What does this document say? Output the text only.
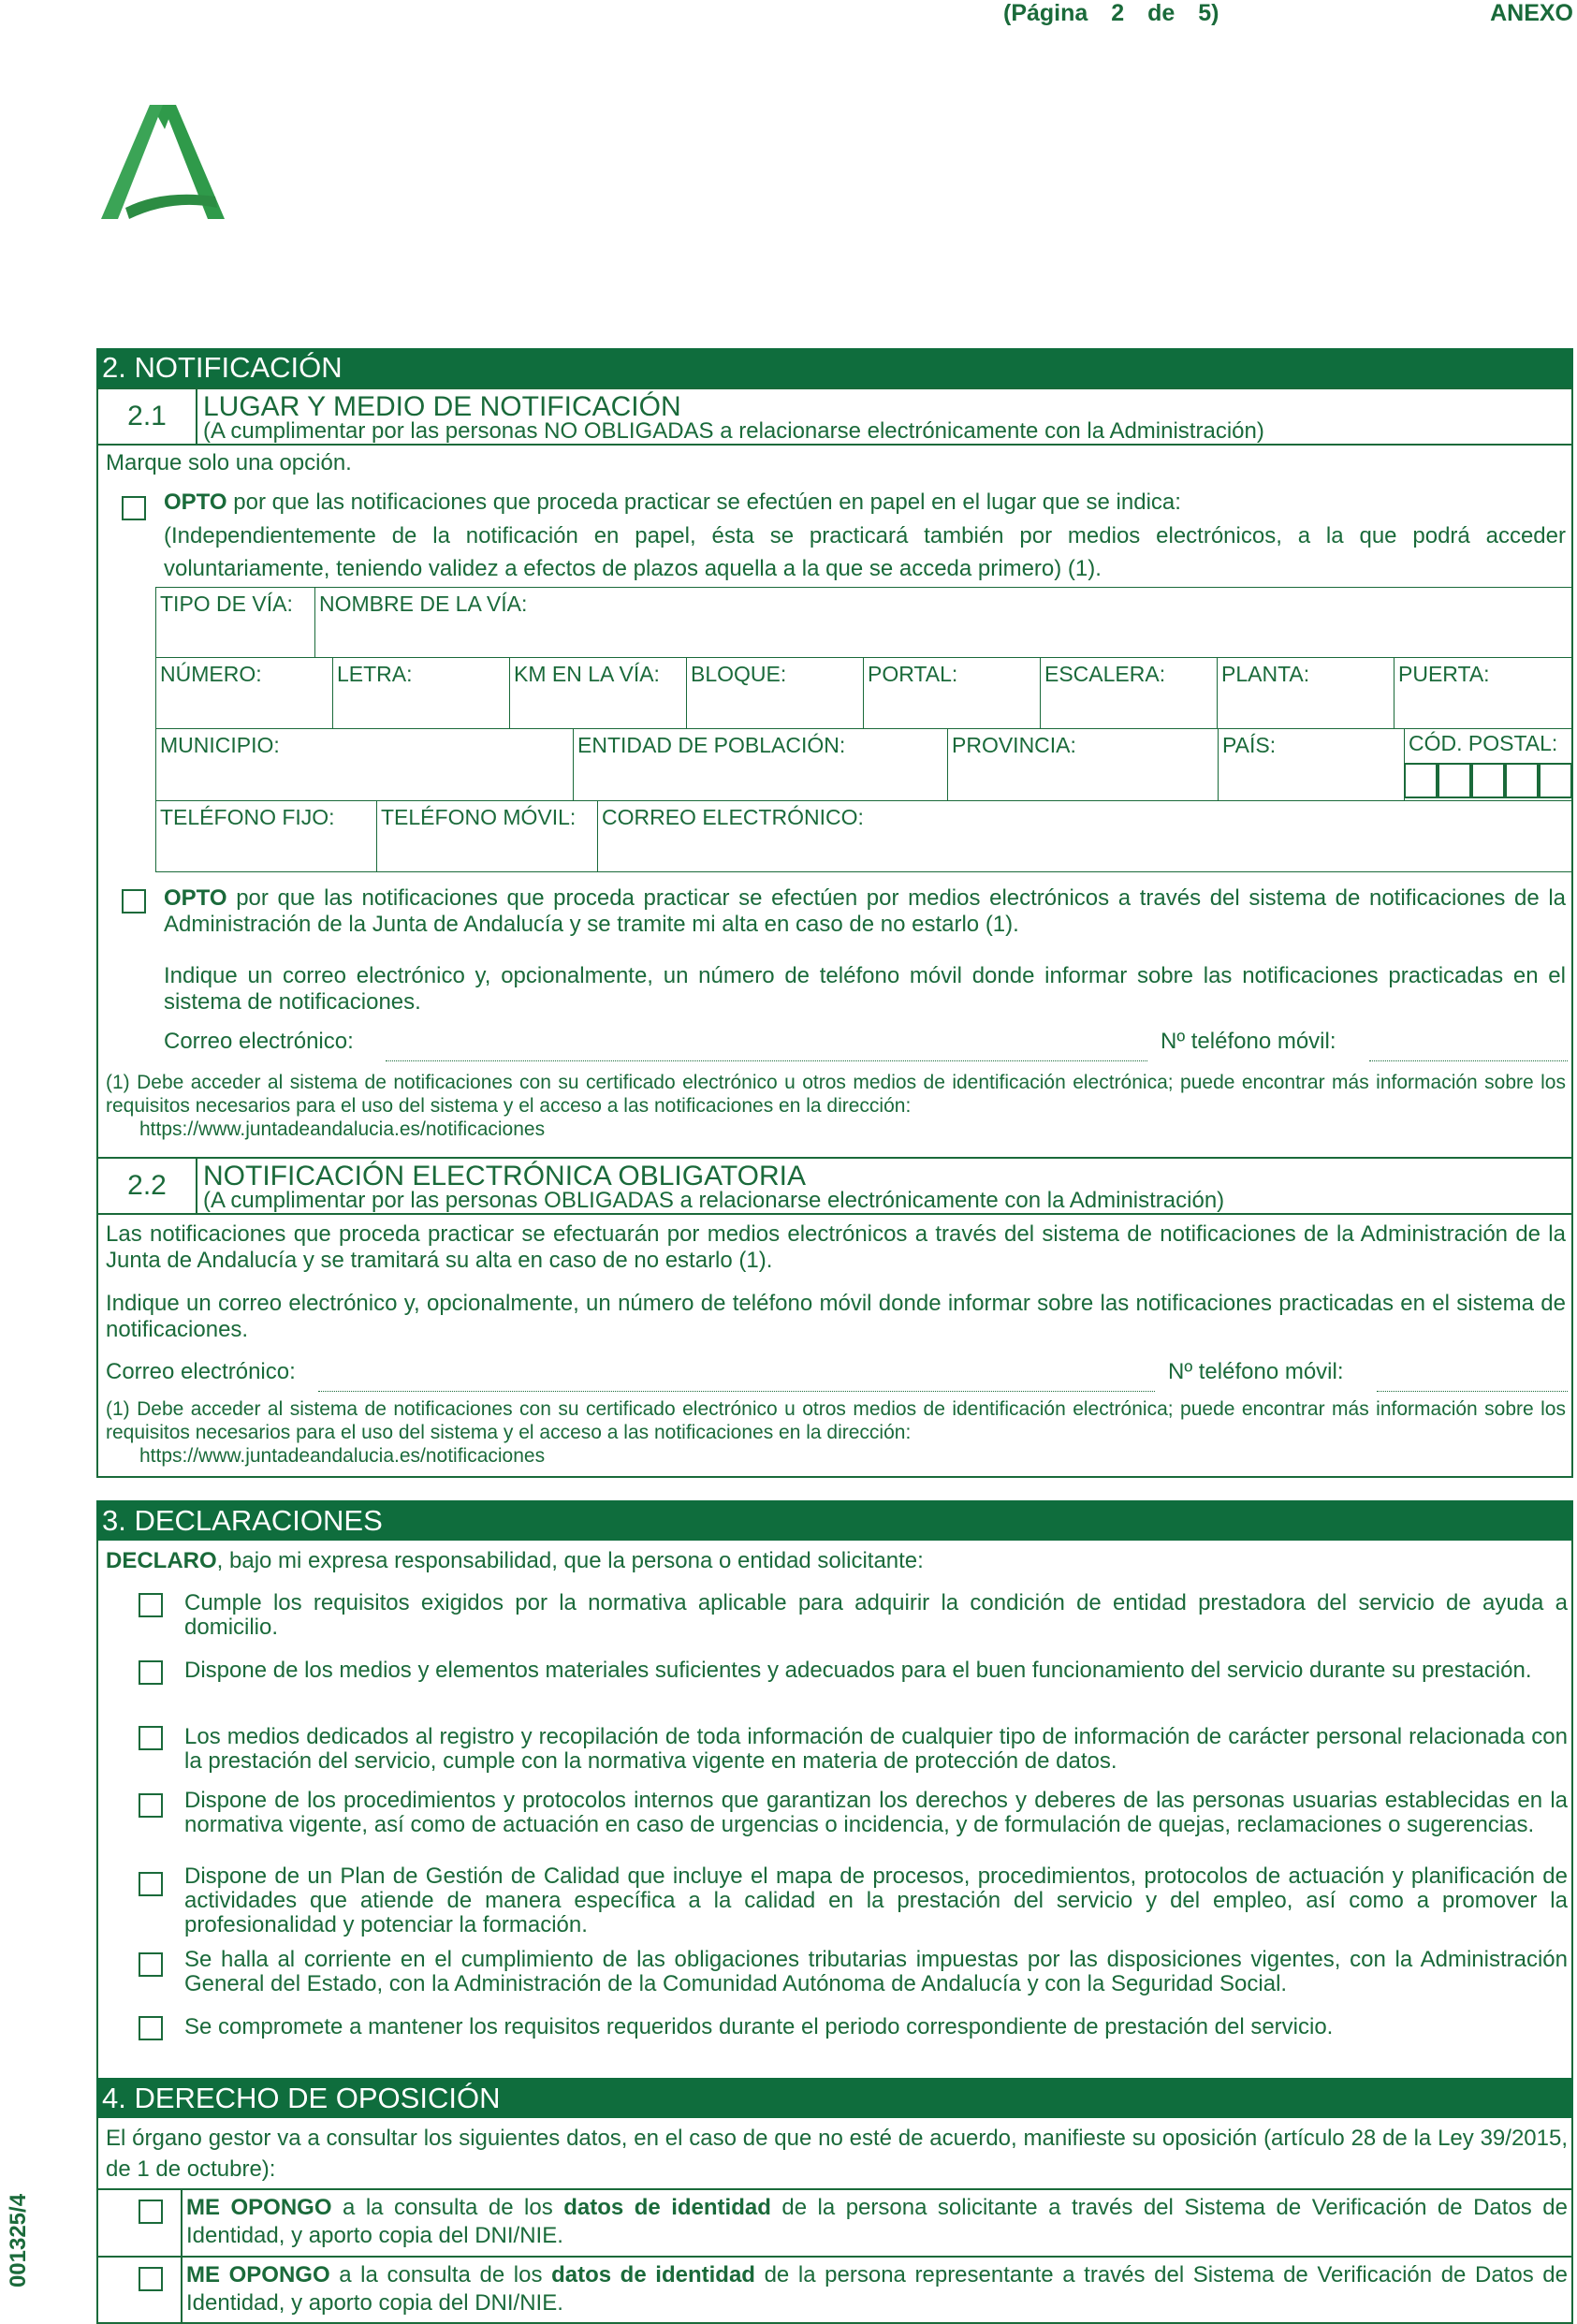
(Página 2 de 5)	ANEXO
2. NOTIFICACIÓN
2.1	LUGAR Y MEDIO DE NOTIFICACIÓN
(A cumplimentar por las personas NO OBLIGADAS a relacionarse electrónicamente con la Administración)
Marque solo una opción.
OPTO por que las notificaciones que proceda practicar se efectúen en papel en el lugar que se indica:
(Independientemente de la notificación en papel, ésta se practicará también por medios electrónicos, a la que podrá acceder voluntariamente, teniendo validez a efectos de plazos aquella a la que se acceda primero) (1).
TIPO DE VÍA:	NOMBRE DE LA VÍA:
NÚMERO:	LETRA:	KM EN LA VÍA:	BLOQUE:	PORTAL:	ESCALERA:	PLANTA:	PUERTA:
MUNICIPIO:	ENTIDAD DE POBLACIÓN:	PROVINCIA:	PAÍS:	CÓD. POSTAL:
TELÉFONO FIJO:	TELÉFONO MÓVIL:	CORREO ELECTRÓNICO:
OPTO por que las notificaciones que proceda practicar se efectúen por medios electrónicos a través del sistema de notificaciones de la Administración de la Junta de Andalucía y se tramite mi alta en caso de no estarlo (1).
Indique un correo electrónico y, opcionalmente, un número de teléfono móvil donde informar sobre las notificaciones practicadas en el sistema de notificaciones.
Correo electrónico:	Nº teléfono móvil:
(1) Debe acceder al sistema de notificaciones con su certificado electrónico u otros medios de identificación electrónica; puede encontrar más información sobre los requisitos necesarios para el uso del sistema y el acceso a las notificaciones en la dirección:
https://www.juntadeandalucia.es/notificaciones
2.2	NOTIFICACIÓN ELECTRÓNICA OBLIGATORIA
(A cumplimentar por las personas OBLIGADAS a relacionarse electrónicamente con la Administración)
Las notificaciones que proceda practicar se efectuarán por medios electrónicos a través del sistema de notificaciones de la Administración de la Junta de Andalucía y se tramitará su alta en caso de no estarlo (1).
Indique un correo electrónico y, opcionalmente, un número de teléfono móvil donde informar sobre las notificaciones practicadas en el sistema de notificaciones.
Correo electrónico:	Nº teléfono móvil:
(1) Debe acceder al sistema de notificaciones con su certificado electrónico u otros medios de identificación electrónica; puede encontrar más información sobre los requisitos necesarios para el uso del sistema y el acceso a las notificaciones en la dirección:
https://www.juntadeandalucia.es/notificaciones
3. DECLARACIONES
DECLARO, bajo mi expresa responsabilidad, que la persona o entidad solicitante:
Cumple los requisitos exigidos por la normativa aplicable para adquirir la condición de entidad prestadora del servicio de ayuda a domicilio.
Dispone de los medios y elementos materiales suficientes y adecuados para el buen funcionamiento del servicio durante su prestación.
Los medios dedicados al registro y recopilación de toda información de cualquier tipo de información de carácter personal relacionada con la prestación del servicio, cumple con la normativa vigente en materia de protección de datos.
Dispone de los procedimientos y protocolos internos que garantizan los derechos y deberes de las personas usuarias establecidas en la normativa vigente, así como de actuación en caso de urgencias o incidencia, y de formulación de quejas, reclamaciones o sugerencias.
Dispone de un Plan de Gestión de Calidad que incluye el mapa de procesos, procedimientos, protocolos de actuación y planificación de actividades que atiende de manera específica a la calidad en la prestación del servicio y del empleo, así como a promover la profesionalidad y potenciar la formación.
Se halla al corriente en el cumplimiento de las obligaciones tributarias impuestas por las disposiciones vigentes, con la Administración General del Estado, con la Administración de la Comunidad Autónoma de Andalucía y con la Seguridad Social.
Se compromete a mantener los requisitos requeridos durante el periodo correspondiente de prestación del servicio.
4. DERECHO DE OPOSICIÓN
El órgano gestor va a consultar los siguientes datos, en el caso de que no esté de acuerdo, manifieste su oposición (artículo 28 de la Ley 39/2015, de 1 de octubre):
ME OPONGO a la consulta de los datos de identidad de la persona solicitante a través del Sistema de Verificación de Datos de Identidad, y aporto copia del DNI/NIE.
ME OPONGO a la consulta de los datos de identidad de la persona representante a través del Sistema de Verificación de Datos de Identidad, y aporto copia del DNI/NIE.
001325/4
